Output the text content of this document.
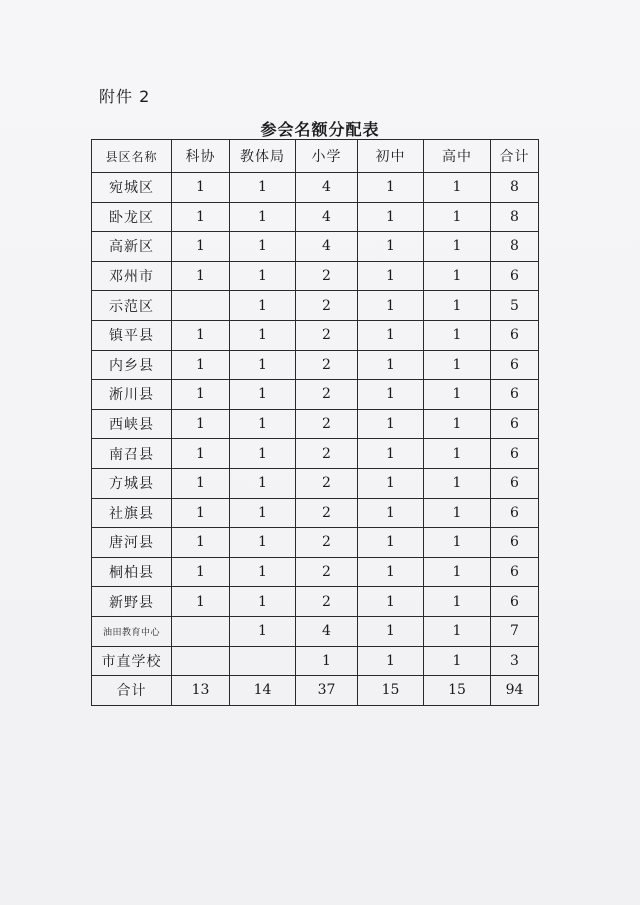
附件 2
参会名额分配表
县区名称	科协	教体局	小学	初中	高中	合计
宛城区	1	1	4	1	1	8
卧龙区	1	1	4	1	1	8
高新区	1	1	4	1	1	8
邓州市	1	1	2	1	1	6
示范区		1	2	1	1	5
镇平县	1	1	2	1	1	6
内乡县	1	1	2	1	1	6
淅川县	1	1	2	1	1	6
西峡县	1	1	2	1	1	6
南召县	1	1	2	1	1	6
方城县	1	1	2	1	1	6
社旗县	1	1	2	1	1	6
唐河县	1	1	2	1	1	6
桐柏县	1	1	2	1	1	6
新野县	1	1	2	1	1	6
油田教育中心		1	4	1	1	7
市直学校			1	1	1	3
合计	13	14	37	15	15	94
